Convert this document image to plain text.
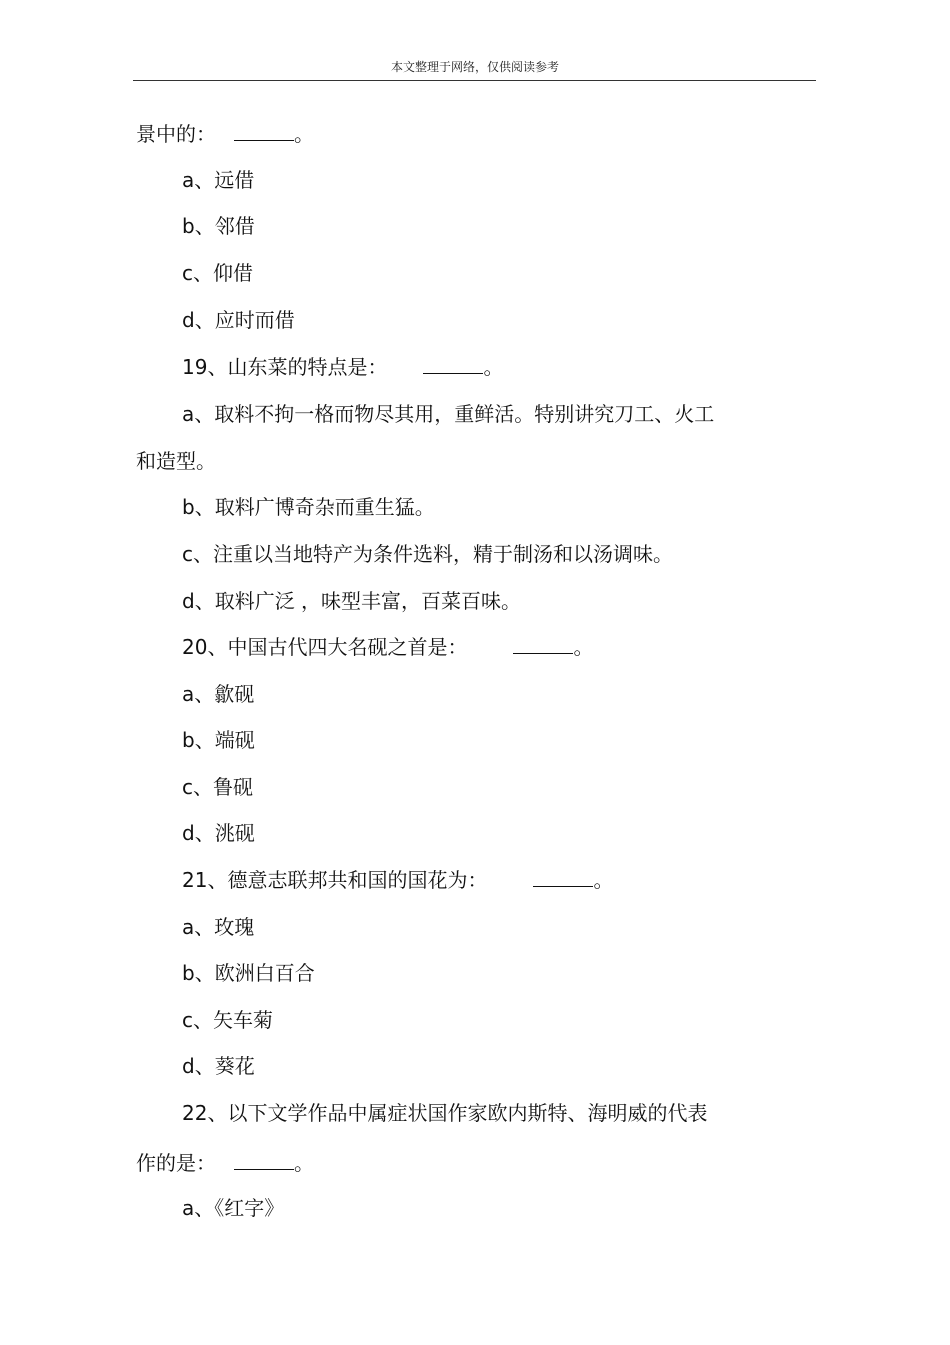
本文整理于网络，仅供阅读参考
景中的：	。
a、远借
b、邻借
c、仰借
d、应时而借
19、山东菜的特点是：	。
a、取料不拘一格而物尽其用，重鲜活。特别讲究刀工、火工
和造型。
b、取料广博奇杂而重生猛。
c、注重以当地特产为条件选料，精于制汤和以汤调味。
d、取料广泛 ，味型丰富，百菜百味。
20、中国古代四大名砚之首是：	。
a、歙砚
b、端砚
c、鲁砚
d、洮砚
21、德意志联邦共和国的国花为：	。
a、玫瑰
b、欧洲白百合
c、矢车菊
d、葵花
22、以下文学作品中属症状国作家欧内斯特、海明威的代表
作的是：	。
a、《红字》
